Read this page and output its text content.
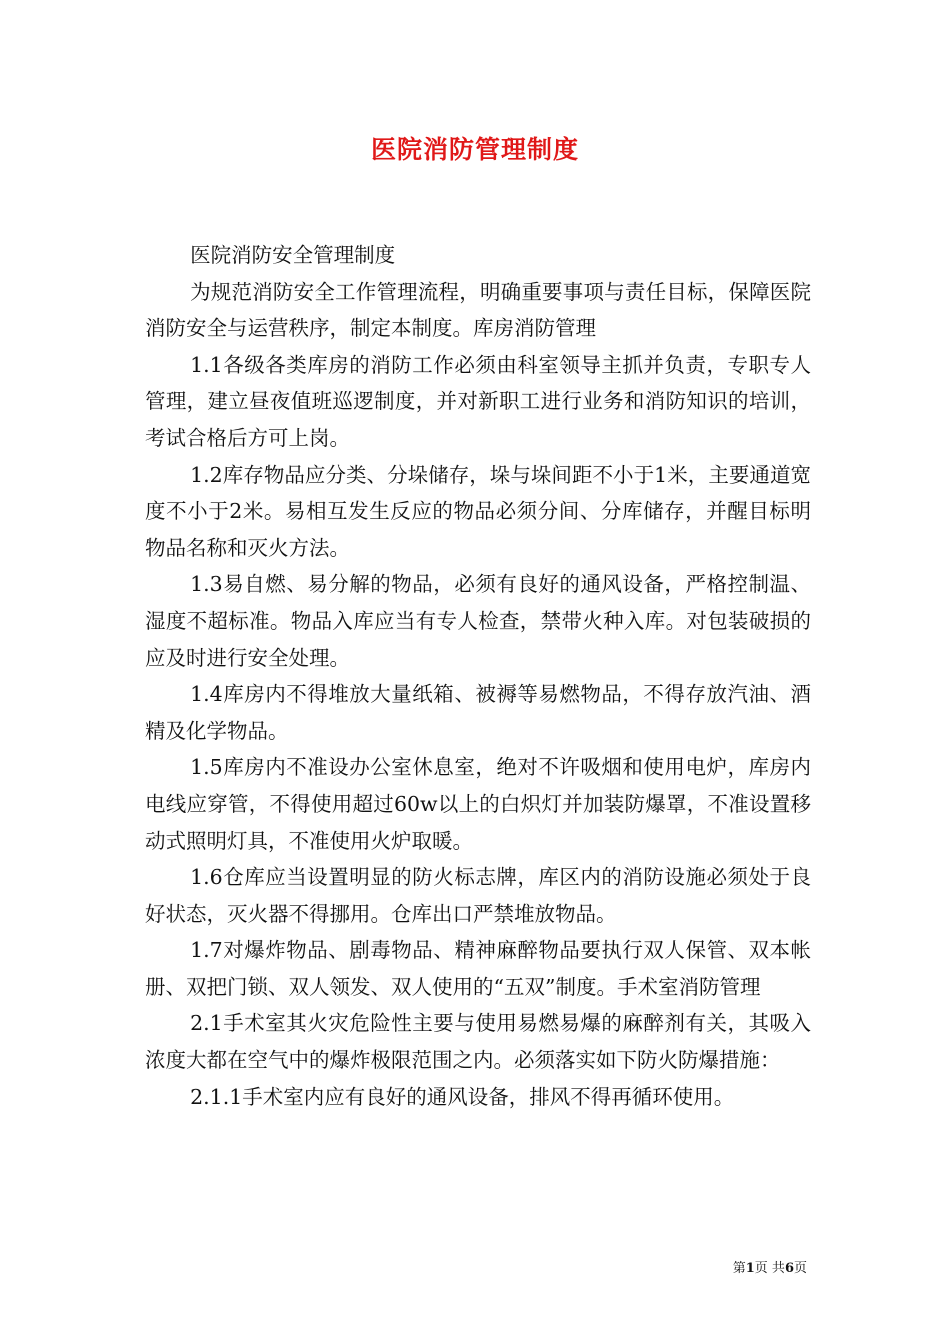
医院消防管理制度

医院消防安全管理制度

为规范消防安全工作管理流程，明确重要事项与责任目标，保障医院消防安全与运营秩序，制定本制度。库房消防管理

1.1各级各类库房的消防工作必须由科室领导主抓并负责，专职专人管理，建立昼夜值班巡逻制度，并对新职工进行业务和消防知识的培训，考试合格后方可上岗。

1.2库存物品应分类、分垛储存，垛与垛间距不小于1米，主要通道宽度不小于2米。易相互发生反应的物品必须分间、分库储存，并醒目标明物品名称和灭火方法。

1.3易自燃、易分解的物品，必须有良好的通风设备，严格控制温、湿度不超标准。物品入库应当有专人检查，禁带火种入库。对包装破损的应及时进行安全处理。

1.4库房内不得堆放大量纸箱、被褥等易燃物品，不得存放汽油、酒精及化学物品。

1.5库房内不准设办公室休息室，绝对不许吸烟和使用电炉，库房内电线应穿管，不得使用超过60w以上的白炽灯并加装防爆罩，不准设置移动式照明灯具，不准使用火炉取暖。

1.6仓库应当设置明显的防火标志牌，库区内的消防设施必须处于良好状态，灭火器不得挪用。仓库出口严禁堆放物品。

1.7对爆炸物品、剧毒物品、精神麻醉物品要执行双人保管、双本帐册、双把门锁、双人领发、双人使用的“五双”制度。手术室消防管理

2.1手术室其火灾危险性主要与使用易燃易爆的麻醉剂有关，其吸入浓度大都在空气中的爆炸极限范围之内。必须落实如下防火防爆措施：

2.1.1手术室内应有良好的通风设备，排风不得再循环使用。

第1页 共6页
